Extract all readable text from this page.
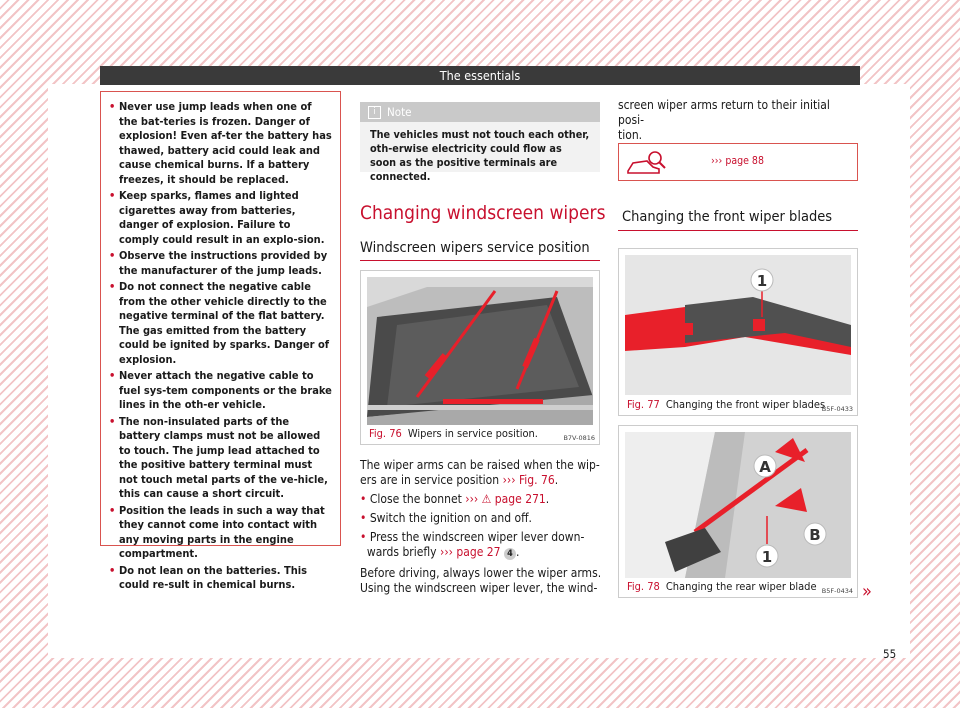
The essentials
• Never use jump leads when one of the bat-teries is frozen. Danger of explosion! Even af-ter the battery has thawed, battery acid could leak and cause chemical burns. If a battery freezes, it should be replaced.
• Keep sparks, flames and lighted cigarettes away from batteries, danger of explosion. Failure to comply could result in an explo-sion.
• Observe the instructions provided by the manufacturer of the jump leads.
• Do not connect the negative cable from the other vehicle directly to the negative terminal of the flat battery. The gas emitted from the battery could be ignited by sparks. Danger of explosion.
• Never attach the negative cable to fuel sys-tem components or the brake lines in the oth-er vehicle.
• The non-insulated parts of the battery clamps must not be allowed to touch. The jump lead attached to the positive battery terminal must not touch metal parts of the ve-hicle, this can cause a short circuit.
• Position the leads in such a way that they cannot come into contact with any moving parts in the engine compartment.
• Do not lean on the batteries. This could re-sult in chemical burns.
i Note
The vehicles must not touch each other, oth-erwise electricity could flow as soon as the positive terminals are connected.
Changing windscreen wipers
Windscreen wipers service position
B7V-0816
Fig. 76 Wipers in service position.
The wiper arms can be raised when the wip-
ers are in service position ››› Fig. 76.
• Close the bonnet ››› ⚠ page 271.
• Switch the ignition on and off.
• Press the windscreen wiper lever down-
wards briefly ››› page 27 4 .
Before driving, always lower the wiper arms.
Using the windscreen wiper lever, the wind-
screen wiper arms return to their initial posi-
tion.
››› page 88
Changing the front wiper blades
1
B5F-0433
Fig. 77 Changing the front wiper blades
A
B
1
B5F-0434
Fig. 78 Changing the rear wiper blade	»
55
